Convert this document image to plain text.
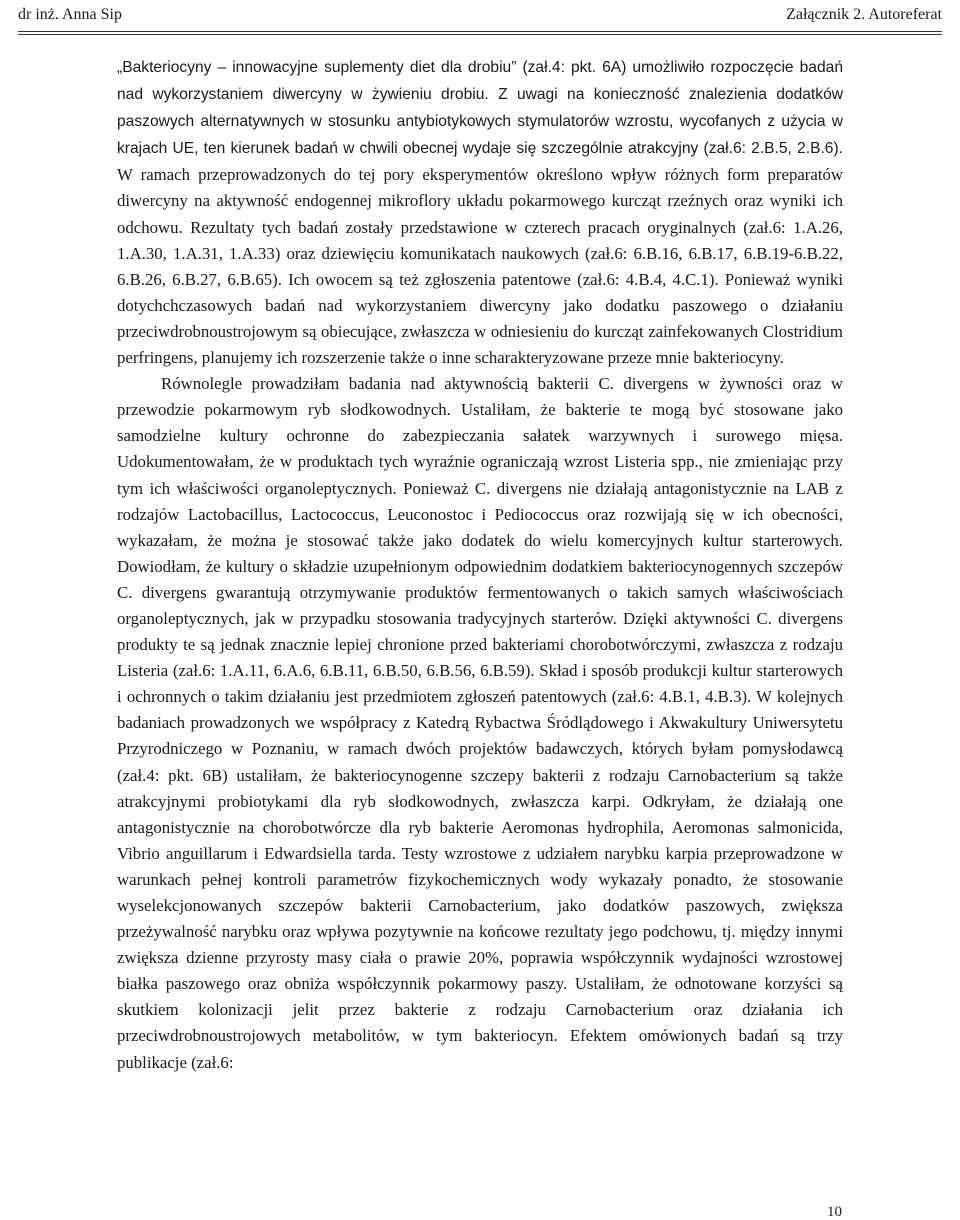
dr inż. Anna Sip	Załącznik 2. Autoreferat

„Bakteriocyny – innowacyjne suplementy diet dla drobiu” (zał.4: pkt. 6A) umożliwiło rozpoczęcie badań nad wykorzystaniem diwercyny w żywieniu drobiu. Z uwagi na konieczność znalezienia dodatków paszowych alternatywnych w stosunku antybiotykowych stymulatorów wzrostu, wycofanych z użycia w krajach UE, ten kierunek badań w chwili obecnej wydaje się szczególnie atrakcyjny (zał.6: 2.B.5, 2.B.6). W ramach przeprowadzonych do tej pory eksperymentów określono wpływ różnych form preparatów diwercyny na aktywność endogennej mikroflory układu pokarmowego kurcząt rzeźnych oraz wyniki ich odchowu. Rezultaty tych badań zostały przedstawione w czterech pracach oryginalnych (zał.6: 1.A.26, 1.A.30, 1.A.31, 1.A.33) oraz dziewięciu komunikatach naukowych (zał.6: 6.B.16, 6.B.17, 6.B.19-6.B.22, 6.B.26, 6.B.27, 6.B.65). Ich owocem są też zgłoszenia patentowe (zał.6: 4.B.4, 4.C.1). Ponieważ wyniki dotychchczasowych badań nad wykorzystaniem diwercyny jako dodatku paszowego o działaniu przeciwdrobnoustrojowym są obiecujące, zwłaszcza w odniesieniu do kurcząt zainfekowanych Clostridium perfringens, planujemy ich rozszerzenie także o inne scharakteryzowane przeze mnie bakteriocyny.

Równolegle prowadziłam badania nad aktywnością bakterii C. divergens w żywności oraz w przewodzie pokarmowym ryb słodkowodnych. Ustaliłam, że bakterie te mogą być stosowane jako samodzielne kultury ochronne do zabezpieczania sałatek warzywnych i surowego mięsa. Udokumentowałam, że w produktach tych wyraźnie ograniczają wzrost Listeria spp., nie zmieniając przy tym ich właściwości organoleptycznych. Ponieważ C. divergens nie działają antagonistycznie na LAB z rodzajów Lactobacillus, Lactococcus, Leuconostoc i Pediococcus oraz rozwijają się w ich obecności, wykazałam, że można je stosować także jako dodatek do wielu komercyjnych kultur starterowych. Dowiodłam, że kultury o składzie uzupełnionym odpowiednim dodatkiem bakteriocynogennych szczepów C. divergens gwarantują otrzymywanie produktów fermentowanych o takich samych właściwościach organoleptycznych, jak w przypadku stosowania tradycyjnych starterów. Dzięki aktywności C. divergens produkty te są jednak znacznie lepiej chronione przed bakteriami chorobotwórczymi, zwłaszcza z rodzaju Listeria (zał.6: 1.A.11, 6.A.6, 6.B.11, 6.B.50, 6.B.56, 6.B.59). Skład i sposób produkcji kultur starterowych i ochronnych o takim działaniu jest przedmiotem zgłoszeń patentowych (zał.6: 4.B.1, 4.B.3). W kolejnych badaniach prowadzonych we współpracy z Katedrą Rybactwa Śródlądowego i Akwakultury Uniwersytetu Przyrodniczego w Poznaniu, w ramach dwóch projektów badawczych, których byłam pomysłodawcą (zał.4: pkt. 6B) ustaliłam, że bakteriocynogenne szczepy bakterii z rodzaju Carnobacterium są także atrakcyjnymi probiotykami dla ryb słodkowodnych, zwłaszcza karpi. Odkryłam, że działają one antagonistycznie na chorobotwórcze dla ryb bakterie Aeromonas hydrophila, Aeromonas salmonicida, Vibrio anguillarum i Edwardsiella tarda. Testy wzrostowe z udziałem narybku karpia przeprowadzone w warunkach pełnej kontroli parametrów fizykochemicznych wody wykazały ponadto, że stosowanie wyselekcjonowanych szczepów bakterii Carnobacterium, jako dodatków paszowych, zwiększa przeżywalność narybku oraz wpływa pozytywnie na końcowe rezultaty jego podchowu, tj. między innymi zwiększa dzienne przyrosty masy ciała o prawie 20%, poprawia współczynnik wydajności wzrostowej białka paszowego oraz obniża współczynnik pokarmowy paszy. Ustaliłam, że odnotowane korzyści są skutkiem kolonizacji jelit przez bakterie z rodzaju Carnobacterium oraz działania ich przeciwdrobnoustrojowych metabolitów, w tym bakteriocyn. Efektem omówionych badań są trzy publikacje (zał.6:

10
